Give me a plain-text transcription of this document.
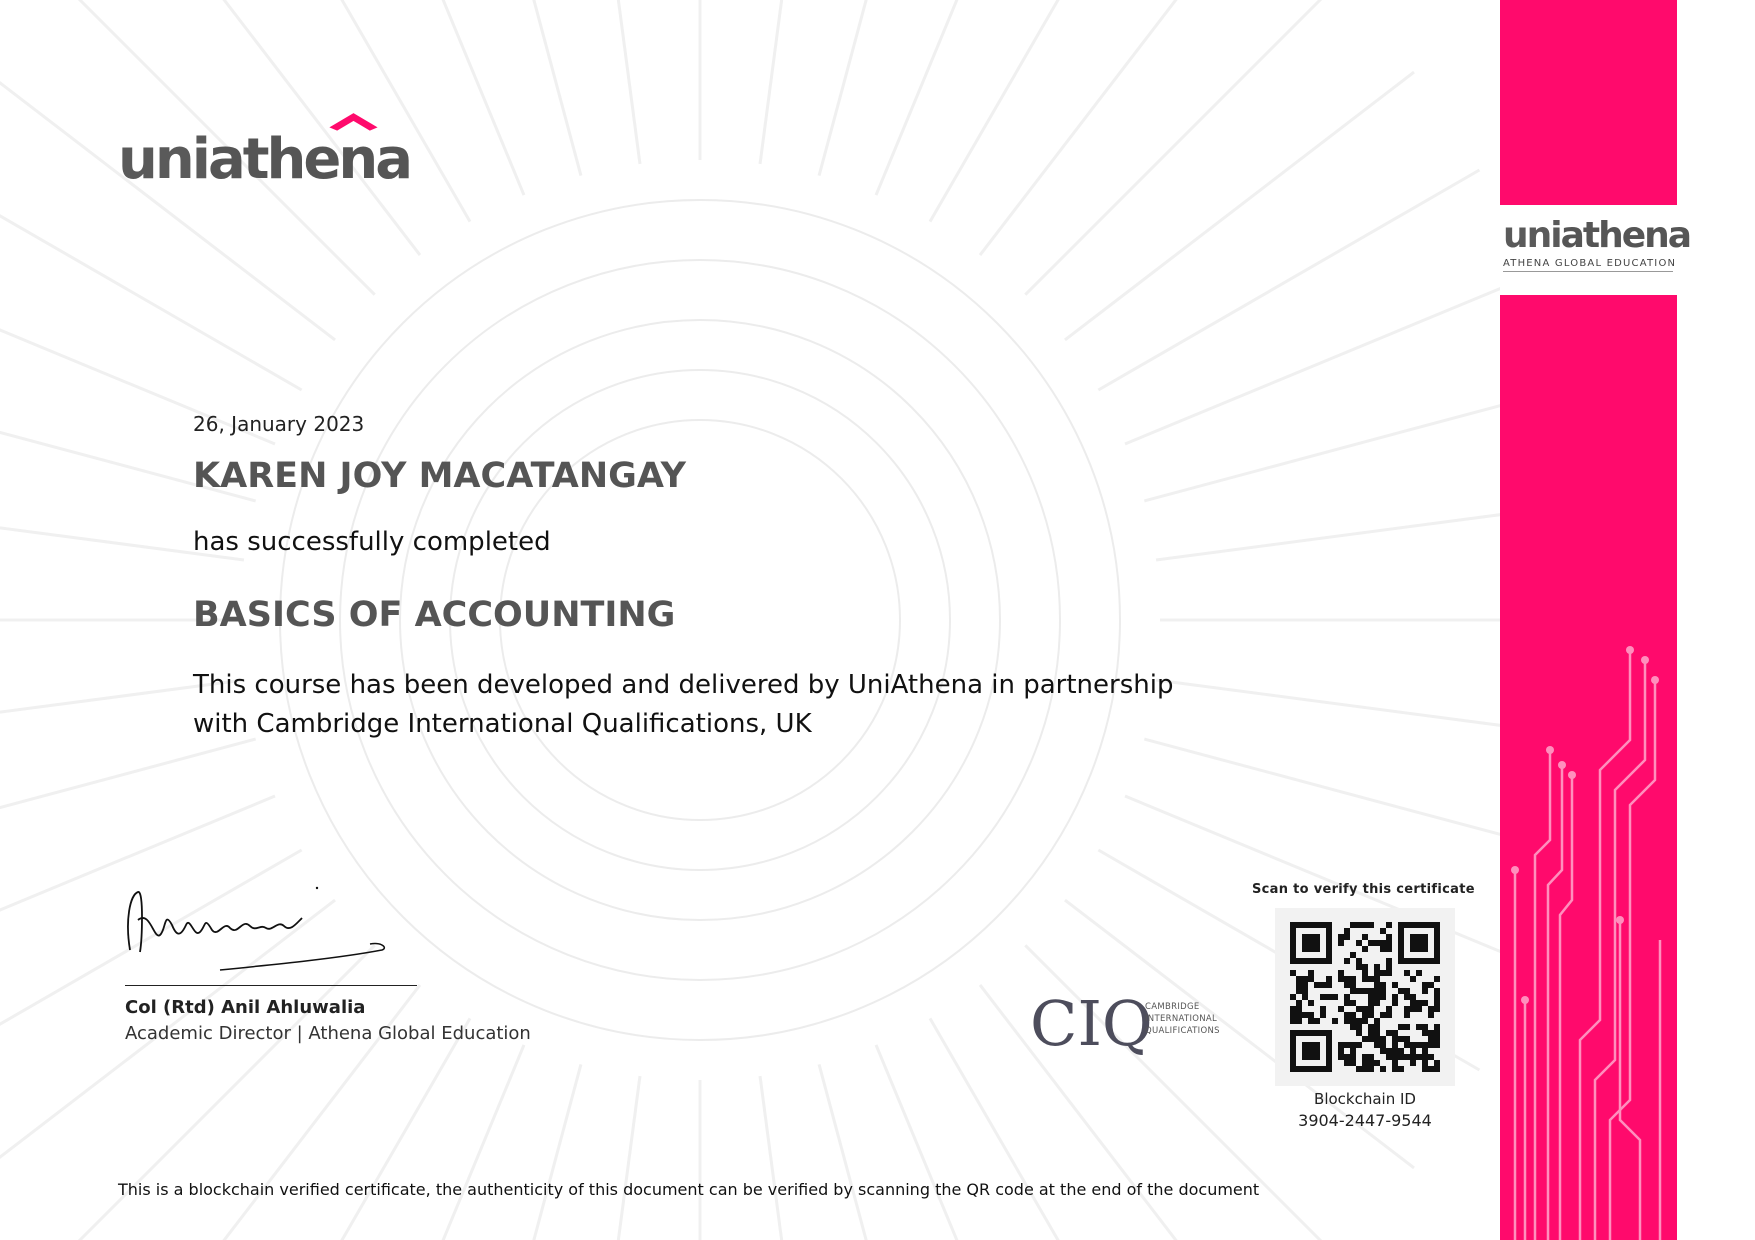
uniathena
26, January 2023
KAREN JOY MACATANGAY
has successfully completed
BASICS OF ACCOUNTING
This course has been developed and delivered by UniAthena in partnership with Cambridge International Qualifications, UK
Col (Rtd) Anil Ahluwalia
Academic Director | Athena Global Education	CIQ
CAMBRIDGE
INTERNATIONAL
QUALIFICATIONS
Scan to verify this certificate
Blockchain ID
3904-2447-9544
This is a blockchain verified certificate, the authenticity of this document can be verified by scanning the QR code at the end of the document
uniathena
ATHENA GLOBAL EDUCATION
